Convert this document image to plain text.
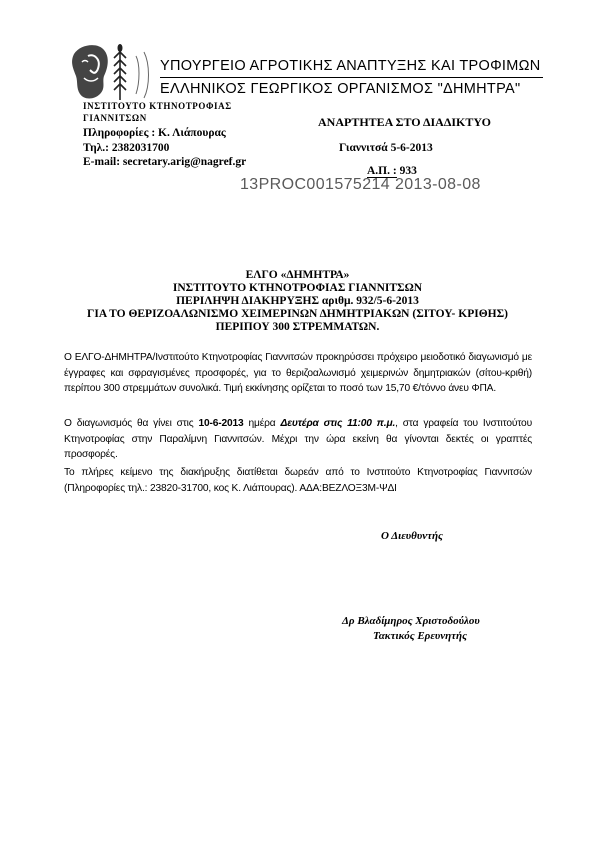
ΥΠΟΥΡΓΕΙΟ ΑΓΡΟΤΙΚΗΣ ΑΝΑΠΤΥΞΗΣ ΚΑΙ ΤΡΟΦΙΜΩΝ
ΕΛΛΗΝΙΚΟΣ ΓΕΩΡΓΙΚΟΣ ΟΡΓΑΝΙΣΜΟΣ "ΔΗΜΗΤΡΑ"
ΙΝΣΤΙΤΟΥΤΟ ΚΤΗΝΟΤΡΟΦΙΑΣ
ΓΙΑΝΝΙΤΣΩΝ
Πληροφορίες : Κ. Λιάπουρας
Τηλ.: 2382031700
E-mail: secretary.arig@nagref.gr
ΑΝΑΡΤΗΤΕΑ ΣΤΟ ΔΙΑΔΙΚΤΥΟ
Γιαννιτσά 5-6-2013
Α.Π. : 933
13PROC001575214 2013-08-08
ΕΛΓΟ «ΔΗΜΗΤΡΑ»
ΙΝΣΤΙΤΟΥΤΟ ΚΤΗΝΟΤΡΟΦΙΑΣ ΓΙΑΝΝΙΤΣΩΝ
ΠΕΡΙΛΗΨΗ ΔΙΑΚΗΡΥΞΗΣ αριθμ. 932/5-6-2013
ΓΙΑ ΤΟ ΘΕΡΙΖΟΑΛΩΝΙΣΜΟ ΧΕΙΜΕΡΙΝΩΝ ΔΗΜΗΤΡΙΑΚΩΝ (ΣΙΤΟΥ- ΚΡΙΘΗΣ)
ΠΕΡΙΠΟΥ 300 ΣΤΡΕΜΜΑΤΩΝ.
Ο ΕΛΓΟ-ΔΗΜΗΤΡΑ/Ινστιτούτο Κτηνοτροφίας Γιαννιτσών προκηρύσσει πρόχειρο μειοδοτικό διαγωνισμό με έγγραφες και σφραγισμένες προσφορές, για το θεριζοαλωνισμό χειμερινών δημητριακών (σίτου-κριθή) περίπου 300 στρεμμάτων συνολικά. Τιμή εκκίνησης ορίζεται το ποσό των 15,70 €/τόννο άνευ ΦΠΑ.
Ο διαγωνισμός θα γίνει στις 10-6-2013 ημέρα Δευτέρα στις 11:00 π.μ., στα γραφεία του Ινστιτούτου Κτηνοτροφίας στην Παραλίμνη Γιαννιτσών. Μέχρι την ώρα εκείνη θα γίνονται δεκτές οι γραπτές προσφορές.
Το πλήρες κείμενο της διακήρυξης διατίθεται δωρεάν από το Ινστιτούτο Κτηνοτροφίας Γιαννιτσών (Πληροφορίες τηλ.: 23820-31700, κος Κ. Λιάπουρας). ΑΔΑ:ΒΕΖΛΟΞ3Μ-ΨΔΙ
Ο Διευθυντής
Δρ Βλαδίμηρος Χριστοδούλου
Τακτικός Ερευνητής
